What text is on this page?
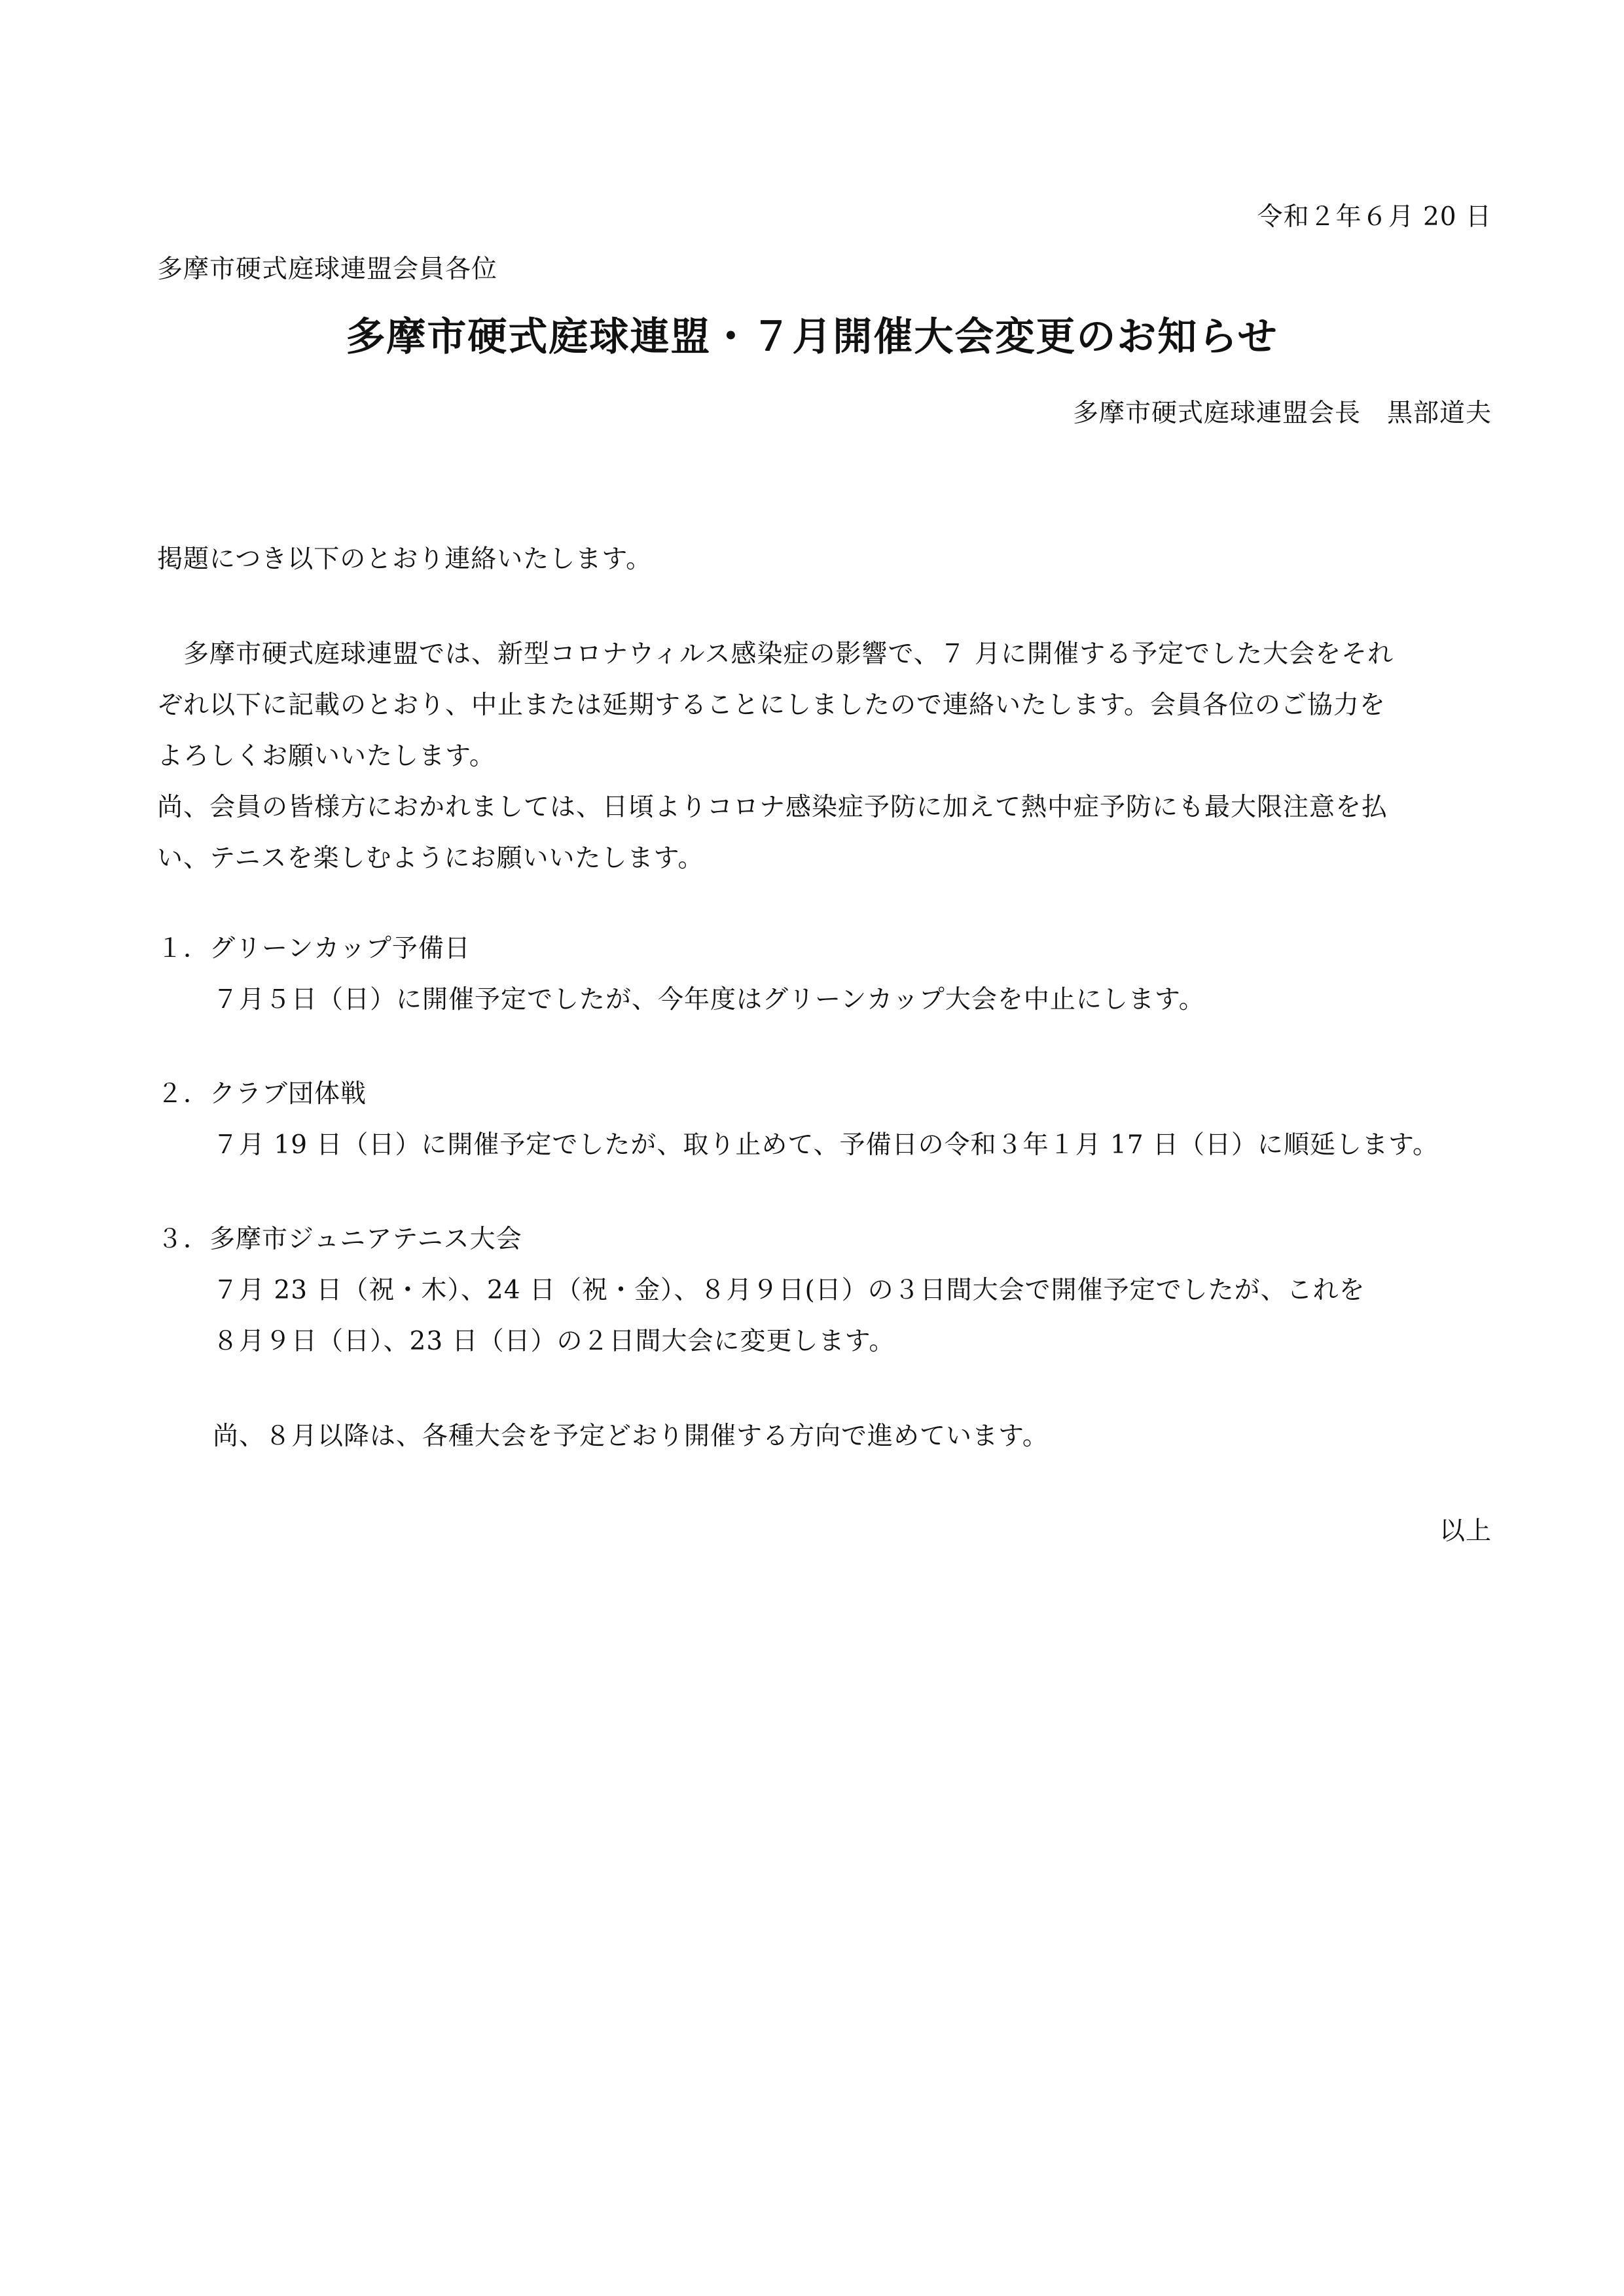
令和２年６月 20 日

多摩市硬式庭球連盟会員各位

多摩市硬式庭球連盟・７月開催大会変更のお知らせ

多摩市硬式庭球連盟会長　黒部道夫

掲題につき以下のとおり連絡いたします。

多摩市硬式庭球連盟では、新型コロナウィルス感染症の影響で、７ 月に開催する予定でした大会をそれ

ぞれ以下に記載のとおり、中止または延期することにしましたので連絡いたします。会員各位のご協力を

よろしくお願いいたします。

尚、会員の皆様方におかれましては、日頃よりコロナ感染症予防に加えて熱中症予防にも最大限注意を払

い、テニスを楽しむようにお願いいたします。

１．グリーンカップ予備日

７月５日（日）に開催予定でしたが、今年度はグリーンカップ大会を中止にします。

２．クラブ団体戦

７月 19 日（日）に開催予定でしたが、取り止めて、予備日の令和３年１月 17 日（日）に順延します。

３．多摩市ジュニアテニス大会

７月 23 日（祝・木）、24 日（祝・金）、８月９日(日）の３日間大会で開催予定でしたが、これを

８月９日（日）、23 日（日）の２日間大会に変更します。

尚、８月以降は、各種大会を予定どおり開催する方向で進めています。

以上
